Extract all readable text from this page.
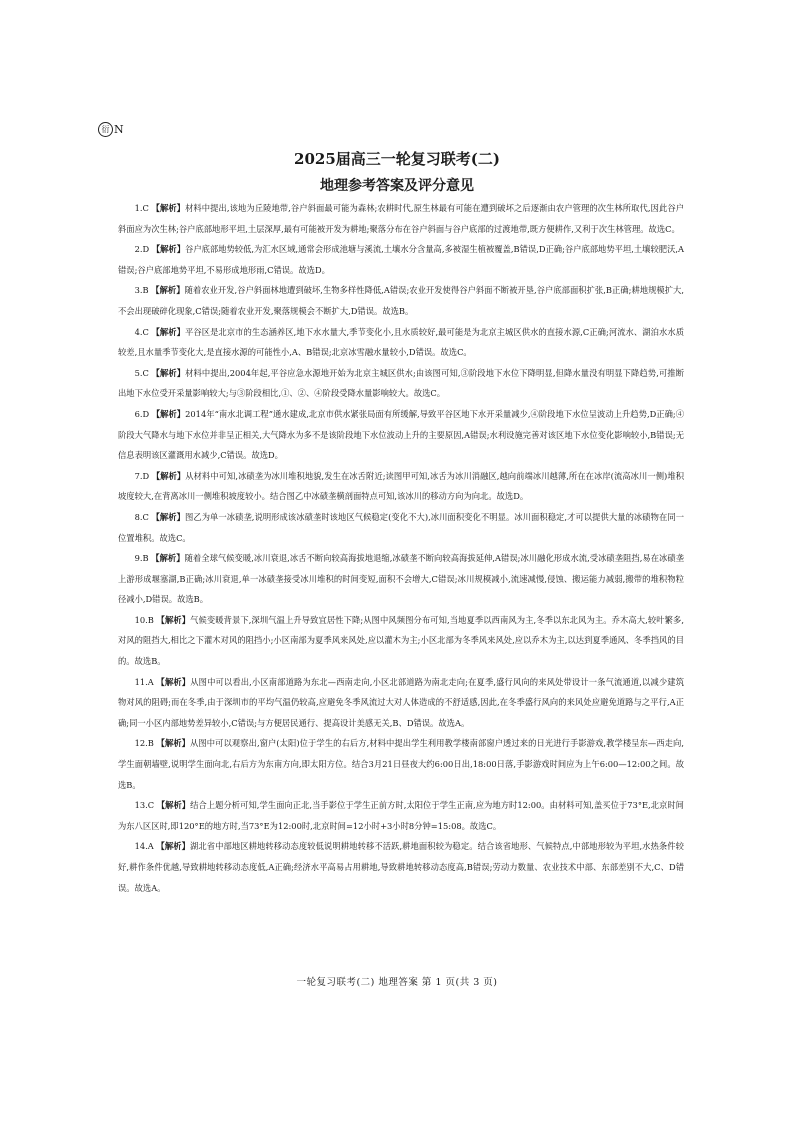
衍 N
2025届高三一轮复习联考(二)
地理参考答案及评分意见

1.C 【解析】材料中提出,该地为丘陵地带,谷户斜面最可能为森林;农耕时代,原生林最有可能在遭到破坏之后逐渐由农户管理的次生林所取代,因此谷户斜面应为次生林;谷户底部地形平坦,土层深厚,最有可能被开发为耕地;聚落分布在谷户斜面与谷户底部的过渡地带,既方便耕作,又利于次生林管理。故选C。

2.D 【解析】谷户底部地势较低,为汇水区域,通常会形成池塘与溪流,土壤水分含量高,多被湿生植被覆盖,B错误,D正确;谷户底部地势平坦,土壤较肥沃,A错误;谷户底部地势平坦,不易形成地形雨,C错误。故选D。

3.B 【解析】随着农业开发,谷户斜面林地遭到破坏,生物多样性降低,A错误;农业开发使得谷户斜面不断被开垦,谷户底部面积扩张,B正确;耕地规模扩大,不会出现破碎化现象,C错误;随着农业开发,聚落规模会不断扩大,D错误。故选B。

4.C 【解析】平谷区是北京市的生态涵养区,地下水水量大,季节变化小,且水质较好,最可能是为北京主城区供水的直接水源,C正确;河流水、湖泊水水质较差,且水量季节变化大,是直接水源的可能性小,A、B错误;北京冰雪融水量较小,D错误。故选C。

5.C 【解析】材料中提出,2004年起,平谷应急水源地开始为北京主城区供水;由该图可知,③阶段地下水位下降明显,但降水量没有明显下降趋势,可推断出地下水位受开采量影响较大;与③阶段相比,①、②、④阶段受降水量影响较大。故选C。

6.D 【解析】2014年“南水北调工程”通水建成,北京市供水紧张局面有所缓解,导致平谷区地下水开采量减少,④阶段地下水位呈波动上升趋势,D正确;④阶段大气降水与地下水位并非呈正相关,大气降水为多不是该阶段地下水位波动上升的主要原因,A错误;水利设施完善对该区地下水位变化影响较小,B错误;无信息表明该区灌溉用水减少,C错误。故选D。

7.D 【解析】从材料中可知,冰碛垄为冰川堆积地貌,发生在冰舌附近;读图甲可知,冰舌为冰川消融区,越向前端冰川越薄,所在在冰岸(流高冰川一侧)堆积坡度较大,在背离冰川一侧堆积坡度较小。结合图乙中冰碛垄横剖面特点可知,该冰川的移动方向为向北。故选D。

8.C 【解析】图乙为单一冰碛垄,说明形成该冰碛垄时该地区气候稳定(变化不大),冰川面积变化不明显。冰川面积稳定,才可以提供大量的冰碛物在同一位置堆积。故选C。

9.B 【解析】随着全球气候变暖,冰川衰退,冰舌不断向较高海拔地退缩,冰碛垄不断向较高海拔延伸,A错误;冰川融化形成水流,受冰碛垄阻挡,易在冰碛垄上游形成堰塞湖,B正确;冰川衰退,单一冰碛垄接受冰川堆积的时间变短,面积不会增大,C错误;冰川规模减小,流速减慢,侵蚀、搬运能力减弱,搬带的堆积物粒径减小,D错误。故选B。

10.B 【解析】气候变暖背景下,深圳气温上升导致宜居性下降;从图中风频图分布可知,当地夏季以西南风为主,冬季以东北风为主。乔木高大,较叶繁多,对风的阻挡大,相比之下灌木对风的阻挡小;小区南部为夏季风来风处,应以灌木为主;小区北部为冬季风来风处,应以乔木为主,以达到夏季通风、冬季挡风的目的。故选B。

11.A 【解析】从图中可以看出,小区南部道路为东北—西南走向,小区北部道路为南北走向;在夏季,盛行风向的来风处带设计一条气流通道,以减少建筑物对风的阻碍;而在冬季,由于深圳市的平均气温仍较高,应避免冬季风流过大对人体造成的不舒适感,因此,在冬季盛行风向的来风处应避免道路与之平行,A正确;同一小区内部地势差异较小,C错误;与方便居民通行、提高设计美感无关,B、D错误。故选A。

12.B 【解析】从图中可以观察出,窗户(太阳)位于学生的右后方,材料中提出学生利用教学楼南部窗户透过来的日光进行手影游戏,教学楼呈东—西走向,学生面朝墙壁,说明学生面向北,右后方为东南方向,即太阳方位。结合3月21日昼夜大约6:00日出,18:00日落,手影游戏时间应为上午6:00—12:00之间。故选B。

13.C 【解析】结合上题分析可知,学生面向正北,当手影位于学生正前方时,太阳位于学生正南,应为地方时12:00。由材料可知,盖买位于73°E,北京时间为东八区区时,即120°E的地方时,当73°E为12:00时,北京时间=12小时+3小时8分钟=15:08。故选C。

14.A 【解析】湖北省中部地区耕地转移动态度较低说明耕地转移不活跃,耕地面积较为稳定。结合该省地形、气候特点,中部地形较为平坦,水热条件较好,耕作条件优越,导致耕地转移动态度低,A正确;经济水平高易占用耕地,导致耕地转移动态度高,B错误;劳动力数量、农业技术中部、东部差别不大,C、D错误。故选A。

一轮复习联考(二) 地理答案 第 1 页(共 3 页)
